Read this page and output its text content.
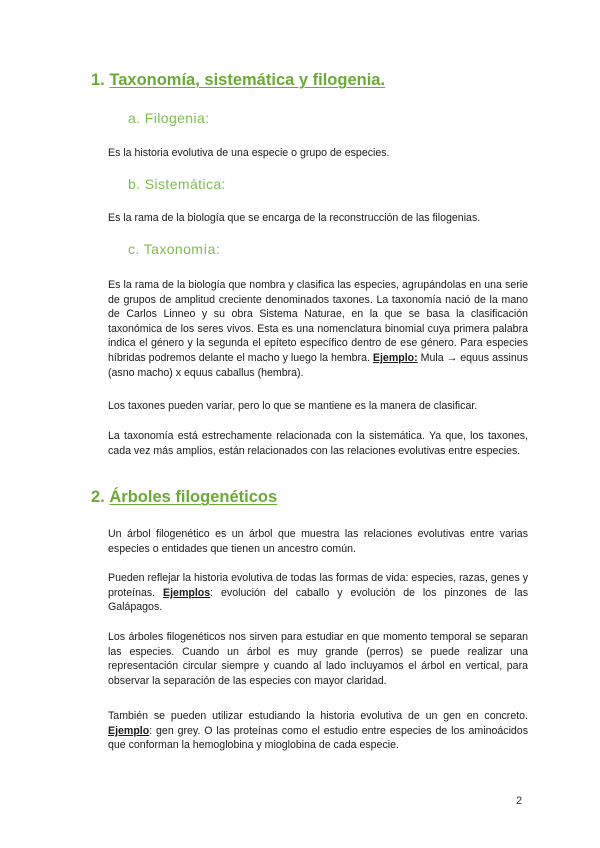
1. Taxonomía, sistemática y filogenia.
a. Filogenia:

Es la historia evolutiva de una especie o grupo de especies.

b. Sistemática:

Es la rama de la biología que se encarga de la reconstrucción de las filogenias.

c. Taxonomía:

Es la rama de la biología que nombra y clasifica las especies, agrupándolas en una serie de grupos de amplitud creciente denominados taxones. La taxonomía nació de la mano de Carlos Linneo y su obra Sistema Naturae, en la que se basa la clasificación taxonómica de los seres vivos. Esta es una nomenclatura binomial cuya primera palabra indica el género y la segunda el epíteto específico dentro de ese género. Para especies híbridas podremos delante el macho y luego la hembra. Ejemplo: Mula → equus assinus (asno macho) x equus caballus (hembra).

Los taxones pueden variar, pero lo que se mantiene es la manera de clasificar.

La taxonomía está estrechamente relacionada con la sistemática. Ya que, los taxones, cada vez más amplios, están relacionados con las relaciones evolutivas entre especies.

2. Árboles filogenéticos

Un árbol filogenético es un árbol que muestra las relaciones evolutivas entre varias especies o entidades que tienen un ancestro común.

Pueden reflejar la historia evolutiva de todas las formas de vida: especies, razas, genes y proteínas. Ejemplos: evolución del caballo y evolución de los pinzones de las Galápagos.

Los árboles filogenéticos nos sirven para estudiar en que momento temporal se separan las especies. Cuando un árbol es muy grande (perros) se puede realizar una representación circular siempre y cuando al lado incluyamos el árbol en vertical, para observar la separación de las especies con mayor claridad.

También se pueden utilizar estudiando la historia evolutiva de un gen en concreto. Ejemplo: gen grey. O las proteínas como el estudio entre especies de los aminoácidos que conforman la hemoglobina y mioglobina de cada especie.

2
